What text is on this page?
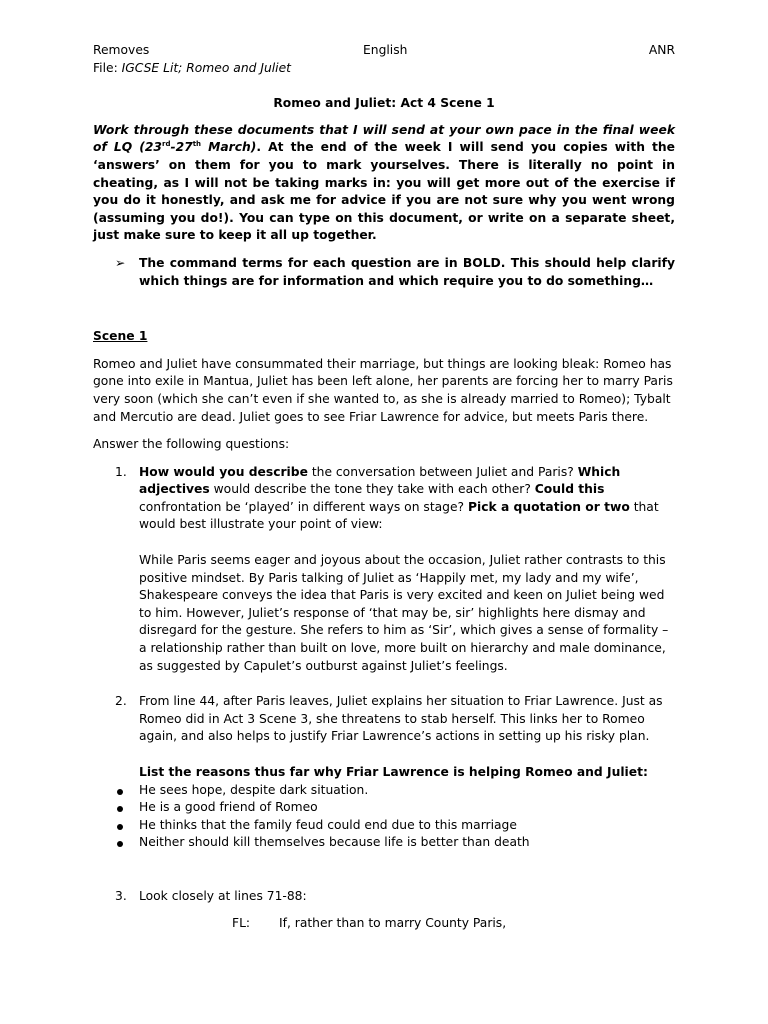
Removes	English	ANR
File: IGCSE Lit; Romeo and Juliet
Romeo and Juliet: Act 4 Scene 1
Work through these documents that I will send at your own pace in the final week of LQ (23rd-27th March). At the end of the week I will send you copies with the ‘answers’ on them for you to mark yourselves. There is literally no point in cheating, as I will not be taking marks in: you will get more out of the exercise if you do it honestly, and ask me for advice if you are not sure why you went wrong (assuming you do!). You can type on this document, or write on a separate sheet, just make sure to keep it all up together.
➢ The command terms for each question are in BOLD. This should help clarify which things are for information and which require you to do something…
Scene 1

Romeo and Juliet have consummated their marriage, but things are looking bleak: Romeo has gone into exile in Mantua, Juliet has been left alone, her parents are forcing her to marry Paris very soon (which she can’t even if she wanted to, as she is already married to Romeo); Tybalt and Mercutio are dead. Juliet goes to see Friar Lawrence for advice, but meets Paris there.

Answer the following questions:

1. How would you describe the conversation between Juliet and Paris? Which adjectives would describe the tone they take with each other? Could this confrontation be ‘played’ in different ways on stage? Pick a quotation or two that would best illustrate your point of view:

While Paris seems eager and joyous about the occasion, Juliet rather contrasts to this positive mindset. By Paris talking of Juliet as ‘Happily met, my lady and my wife’, Shakespeare conveys the idea that Paris is very excited and keen on Juliet being wed to him. However, Juliet’s response of ‘that may be, sir’ highlights here dismay and disregard for the gesture. She refers to him as ‘Sir’, which gives a sense of formality – a relationship rather than built on love, more built on hierarchy and male dominance, as suggested by Capulet’s outburst against Juliet’s feelings.

2. From line 44, after Paris leaves, Juliet explains her situation to Friar Lawrence. Just as Romeo did in Act 3 Scene 3, she threatens to stab herself. This links her to Romeo again, and also helps to justify Friar Lawrence’s actions in setting up his risky plan.

List the reasons thus far why Friar Lawrence is helping Romeo and Juliet:

He sees hope, despite dark situation.
He is a good friend of Romeo
He thinks that the family feud could end due to this marriage
Neither should kill themselves because life is better than death
3. Look closely at lines 71-88:

FL: If, rather than to marry County Paris,
